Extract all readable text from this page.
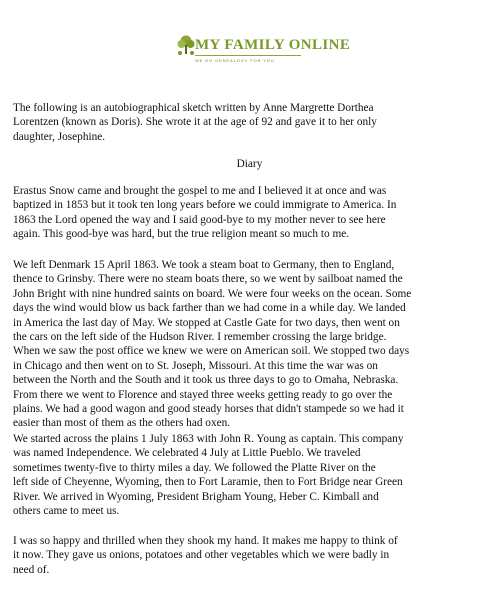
MY FAMILY ONLINE
WE DO GENEALOGY FOR YOU

The following is an autobiographical sketch written by Anne Margrette Dorthea
Lorentzen (known as Doris). She wrote it at the age of 92 and gave it to her only
daughter, Josephine.

Diary

Erastus Snow came and brought the gospel to me and I believed it at once and was
baptized in 1853 but it took ten long years before we could immigrate to America. In
1863 the Lord opened the way and I said good-bye to my mother never to see here
again. This good-bye was hard, but the true religion meant so much to me.

We left Denmark 15 April 1863. We took a steam boat to Germany, then to England,
thence to Grinsby. There were no steam boats there, so we went by sailboat named the
John Bright with nine hundred saints on board. We were four weeks on the ocean. Some
days the wind would blow us back farther than we had come in a while day. We landed
in America the last day of May. We stopped at Castle Gate for two days, then went on
the cars on the left side of the Hudson River. I remember crossing the large bridge.
When we saw the post office we knew we were on American soil. We stopped two days
in Chicago and then went on to St. Joseph, Missouri. At this time the war was on
between the North and the South and it took us three days to go to Omaha, Nebraska.
From there we went to Florence and stayed three weeks getting ready to go over the
plains. We had a good wagon and good steady horses that didn't stampede so we had it
easier than most of them as the others had oxen.

We started across the plains 1 July 1863 with John R. Young as captain. This company
was named Independence. We celebrated 4 July at Little Pueblo. We traveled
sometimes twenty-five to thirty miles a day. We followed the Platte River on the
left side of Cheyenne, Wyoming, then to Fort Laramie, then to Fort Bridge near Green
River. We arrived in Wyoming, President Brigham Young, Heber C. Kimball and
others came to meet us.

I was so happy and thrilled when they shook my hand. It makes me happy to think of
it now. They gave us onions, potatoes and other vegetables which we were badly in
need of.
